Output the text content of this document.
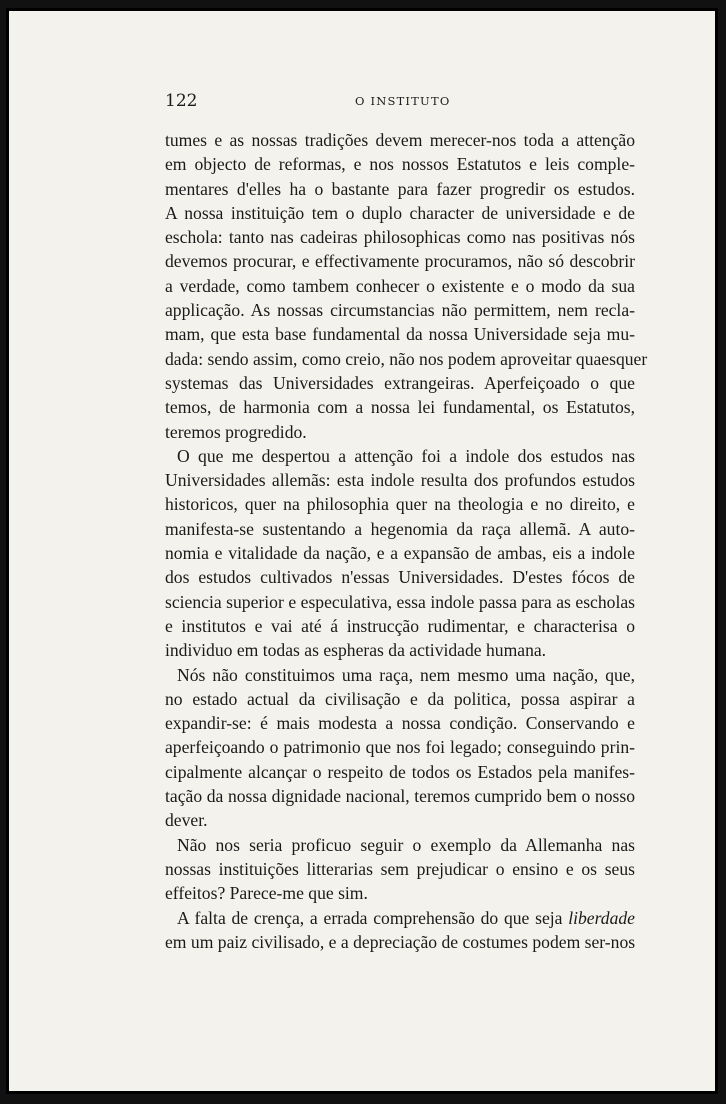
122	O INSTITUTO
tumes e as nossas tradições devem merecer-nos toda a attenção
em objecto de reformas, e nos nossos Estatutos e leis comple-
mentares d'elles ha o bastante para fazer progredir os estudos.
A nossa instituição tem o duplo character de universidade e de
eschola: tanto nas cadeiras philosophicas como nas positivas nós
devemos procurar, e effectivamente procuramos, não só descobrir
a verdade, como tambem conhecer o existente e o modo da sua
applicação. As nossas circumstancias não permittem, nem recla-
mam, que esta base fundamental da nossa Universidade seja mu-
dada: sendo assim, como creio, não nos podem aproveitar quaesquer
systemas das Universidades extrangeiras. Aperfeiçoado o que
temos, de harmonia com a nossa lei fundamental, os Estatutos,
teremos progredido.
O que me despertou a attenção foi a indole dos estudos nas
Universidades allemãs: esta indole resulta dos profundos estudos
historicos, quer na philosophia quer na theologia e no direito, e
manifesta-se sustentando a hegenomia da raça allemã. A auto-
nomia e vitalidade da nação, e a expansão de ambas, eis a indole
dos estudos cultivados n'essas Universidades. D'estes fócos de
sciencia superior e especulativa, essa indole passa para as escholas
e institutos e vai até á instrucção rudimentar, e characterisa o
individuo em todas as espheras da actividade humana.
Nós não constituimos uma raça, nem mesmo uma nação, que,
no estado actual da civilisação e da politica, possa aspirar a
expandir-se: é mais modesta a nossa condição. Conservando e
aperfeiçoando o patrimonio que nos foi legado; conseguindo prin-
cipalmente alcançar o respeito de todos os Estados pela manifes-
tação da nossa dignidade nacional, teremos cumprido bem o nosso
dever.
Não nos seria proficuo seguir o exemplo da Allemanha nas
nossas instituições litterarias sem prejudicar o ensino e os seus
effeitos? Parece-me que sim.
A falta de crença, a errada comprehensão do que seja liberdade
em um paiz civilisado, e a depreciação de costumes podem ser-nos
